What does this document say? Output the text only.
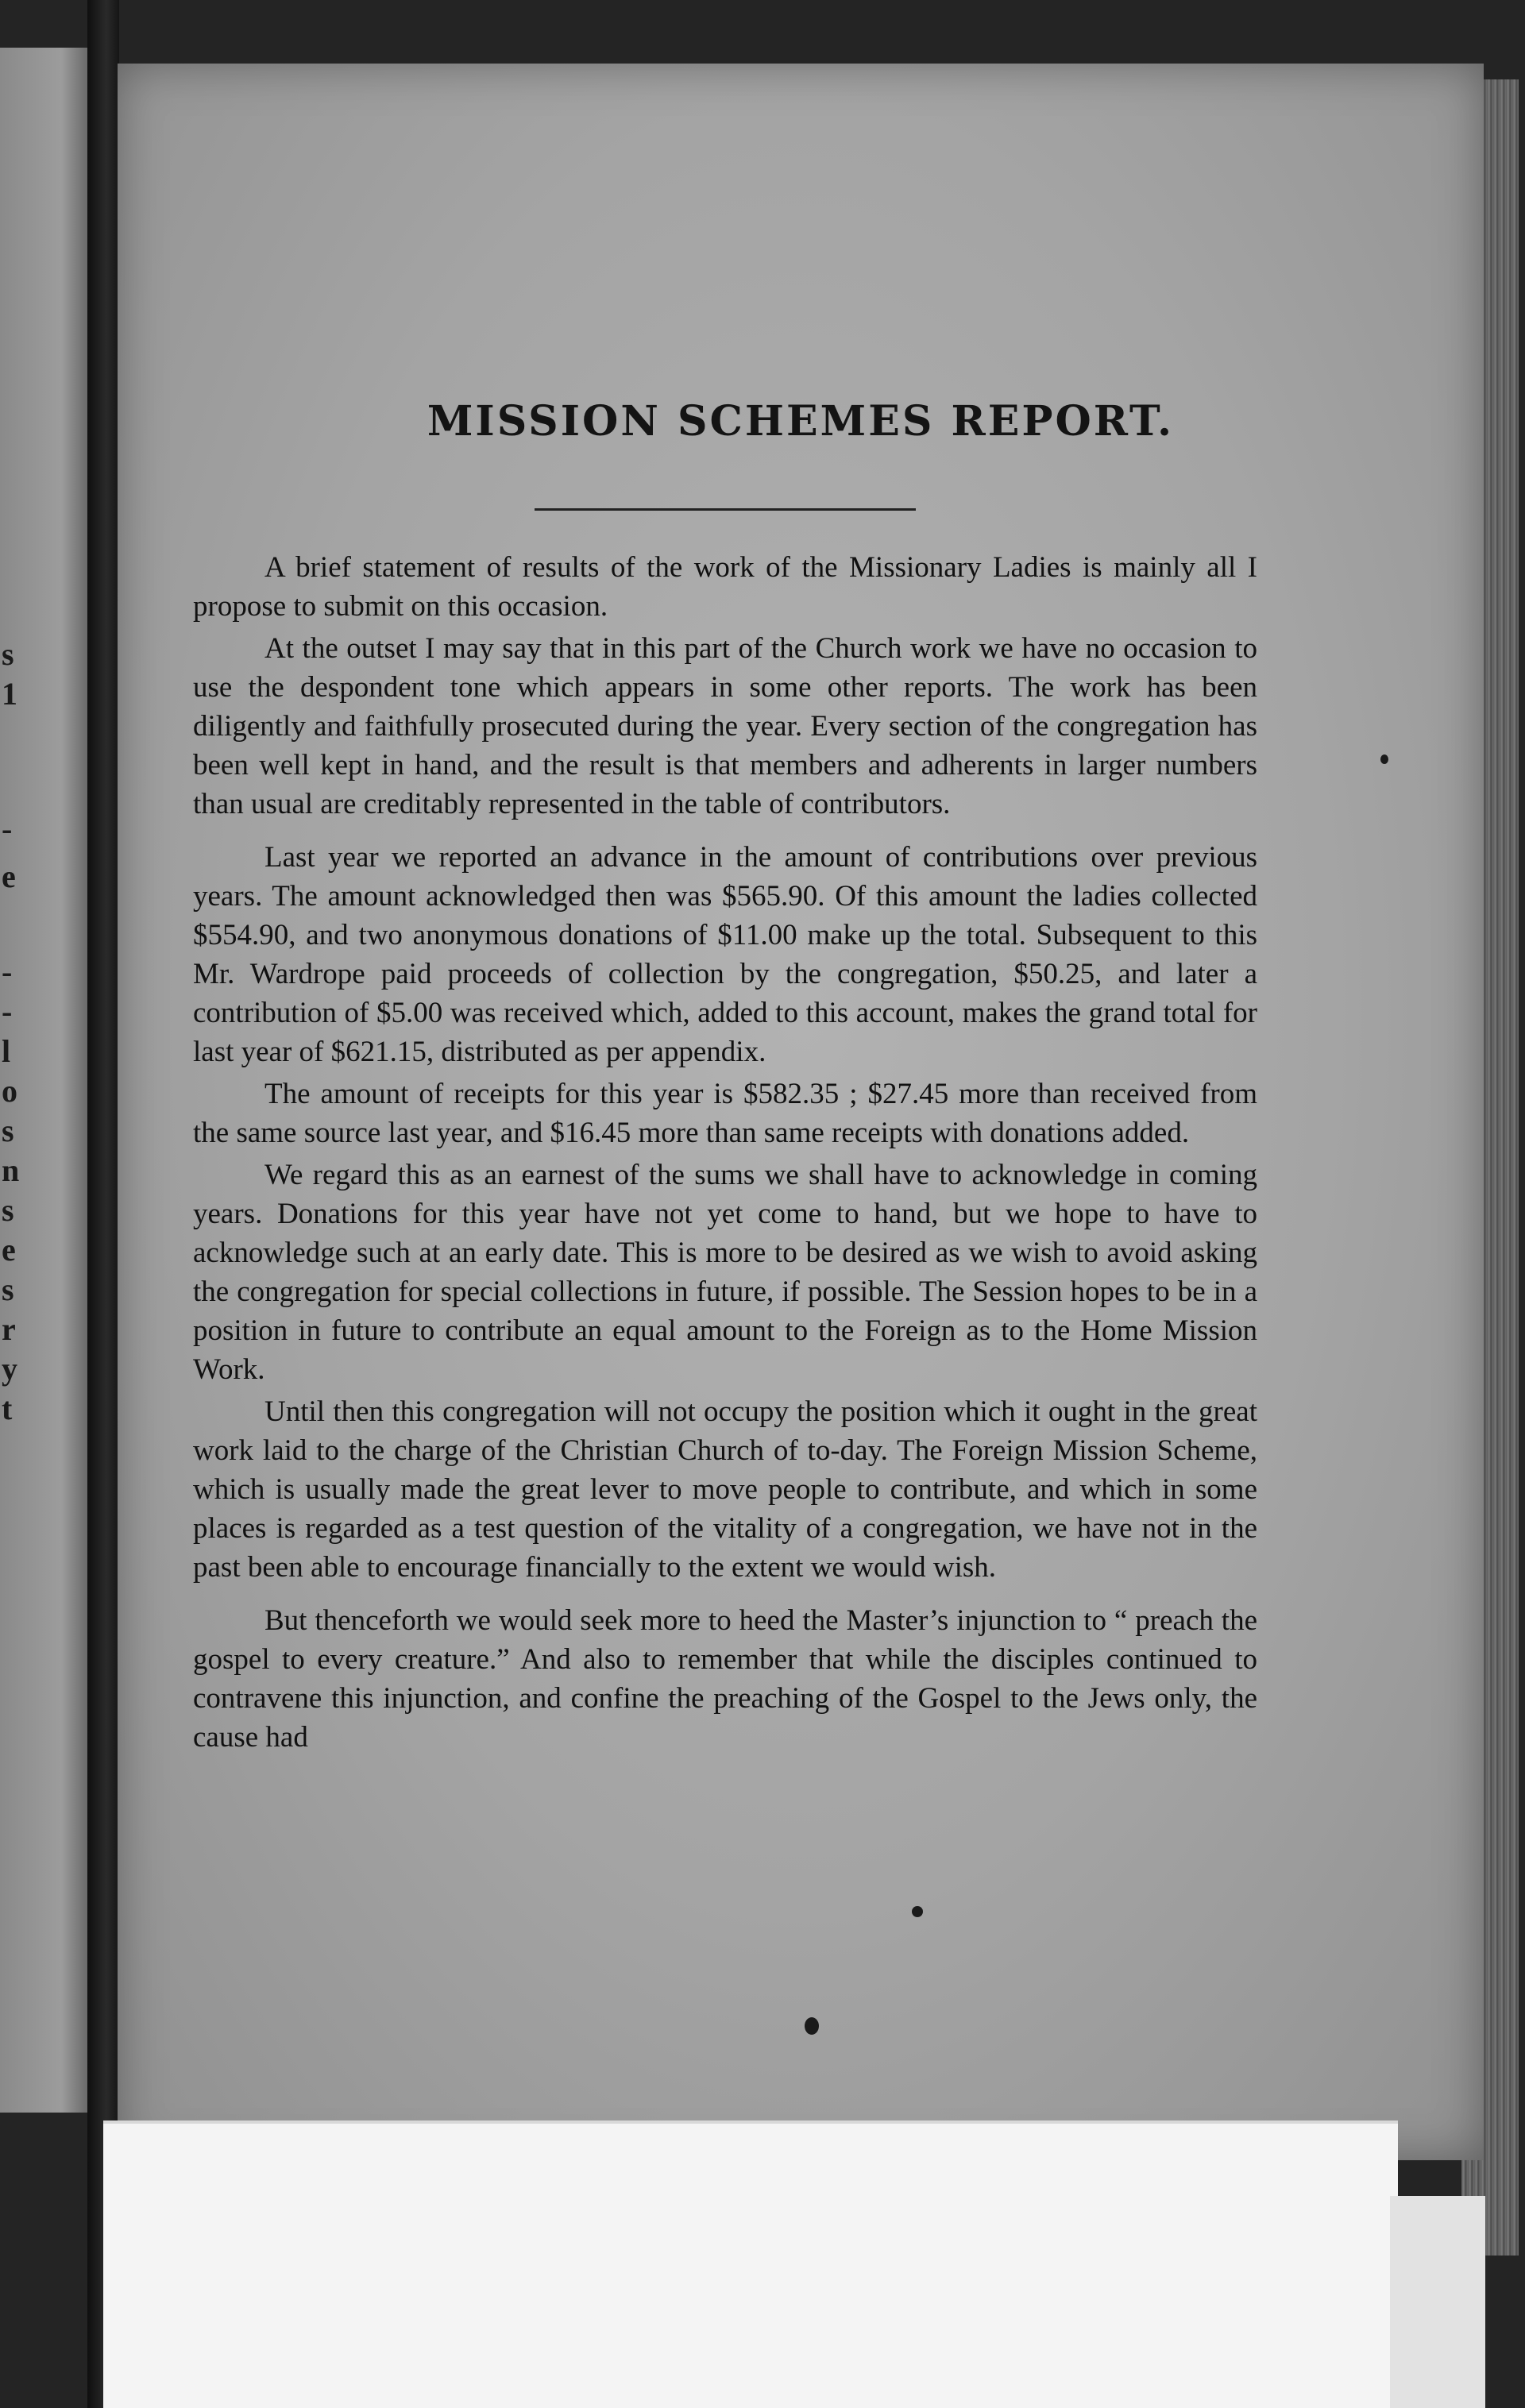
s
1
-
e
-
-
l
o
s
n
s
e
s
r
y
t
MISSION SCHEMES REPORT.

A brief statement of results of the work of the Missionary Ladies is mainly all I propose to submit on this occasion.

At the outset I may say that in this part of the Church work we have no occasion to use the despondent tone which appears in some other reports. The work has been diligently and faithfully prosecuted during the year. Every section of the congregation has been well kept in hand, and the result is that members and adherents in larger numbers than usual are creditably represented in the table of contributors.

Last year we reported an advance in the amount of contributions over previous years. The amount acknowledged then was $565.90. Of this amount the ladies collected $554.90, and two anonymous donations of $11.00 make up the total. Subsequent to this Mr. Wardrope paid proceeds of collection by the congregation, $50.25, and later a contribution of $5.00 was received which, added to this account, makes the grand total for last year of $621.15, distributed as per appendix.

The amount of receipts for this year is $582.35 ; $27.45 more than received from the same source last year, and $16.45 more than same receipts with donations added.

We regard this as an earnest of the sums we shall have to acknowledge in coming years. Donations for this year have not yet come to hand, but we hope to have to acknowledge such at an early date. This is more to be desired as we wish to avoid asking the congregation for special collections in future, if possible. The Session hopes to be in a position in future to contribute an equal amount to the Foreign as to the Home Mission Work.

Until then this congregation will not occupy the position which it ought in the great work laid to the charge of the Christian Church of to-day. The Foreign Mission Scheme, which is usually made the great lever to move people to contribute, and which in some places is regarded as a test question of the vitality of a congregation, we have not in the past been able to encourage financially to the extent we would wish.

But thenceforth we would seek more to heed the Master’s injunction to “ preach the gospel to every creature.” And also to remember that while the disciples continued to contravene this injunction, and confine the preaching of the Gospel to the Jews only, the cause had
